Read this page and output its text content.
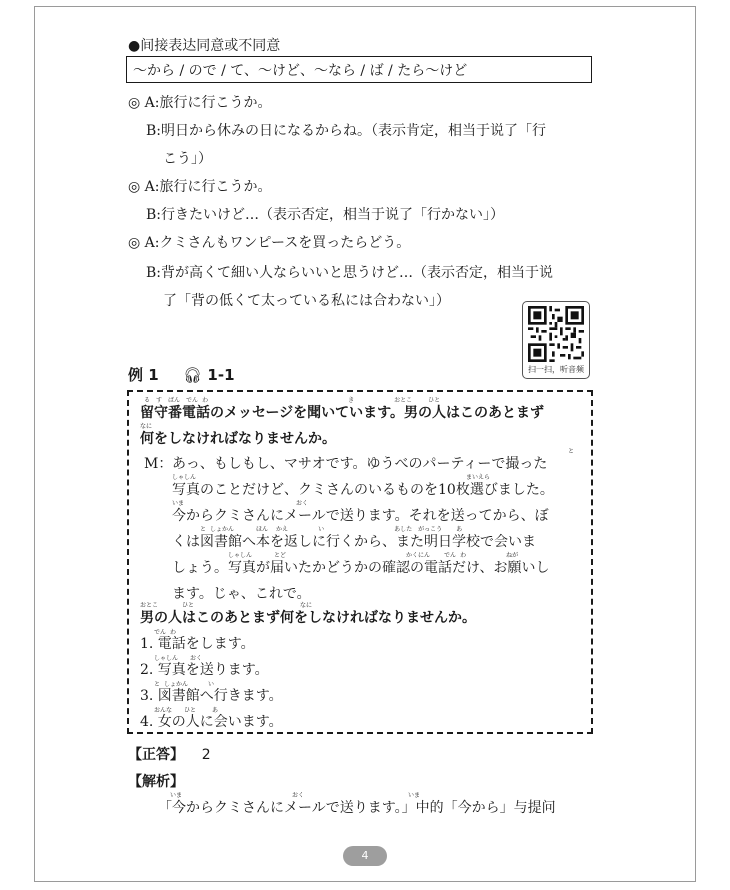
●间接表达同意或不同意
〜から / ので / て、〜けど、〜なら / ば / たら〜けど
◎ A:旅行に行こうか。
B:明日から休みの日になるからね。（表示肯定，相当于说了「行
こう」）
◎ A:旅行に行こうか。
B:行きたいけど…（表示否定，相当于说了「行かない」）
◎ A:クミさんもワンピースを買ったらどう。
B:背が高くて細い人ならいいと思うけど…（表示否定，相当于说
了「背の低くて太っている私には合わない」）
扫一扫，听音频
例 1 🎧︎ 1-1
る す ばん でん わ	き	おとこ	ひと
留守番電話のメッセージを聞いています。男の人はこのあとまず
なに
何をしなければなりませんか。
M：
と
あっ、もしもし、マサオです。ゆうべのパーティーで撮った
しゃしん	まいえら
写真のことだけど、クミさんのいるものを10枚選びました。
いま	おく
今からクミさんにメールで送ります。それを送ってから、ぼ
と しょかん	ほん かえ	い	あした がっこう あ
くは図書館へ本を返しに行くから、また明日学校で会いま
しゃしん	とど	かくにん でん わ	ねが
しょう。写真が届いたかどうかの確認の電話だけ、お願いし
ます。じゃ、これで。
おとこ	ひと	なに
男の人はこのあとまず何をしなければなりませんか。
でん わ
1. 電話をします。
しゃしん おく
2. 写真を送ります。
と しょかん	い
3. 図書館へ行きます。
おんな ひと	あ
4. 女の人に会います。
【正答】 2
【解析】
いま	おく	いま
「今からクミさんにメールで送ります。」中的「今から」与提问
4
